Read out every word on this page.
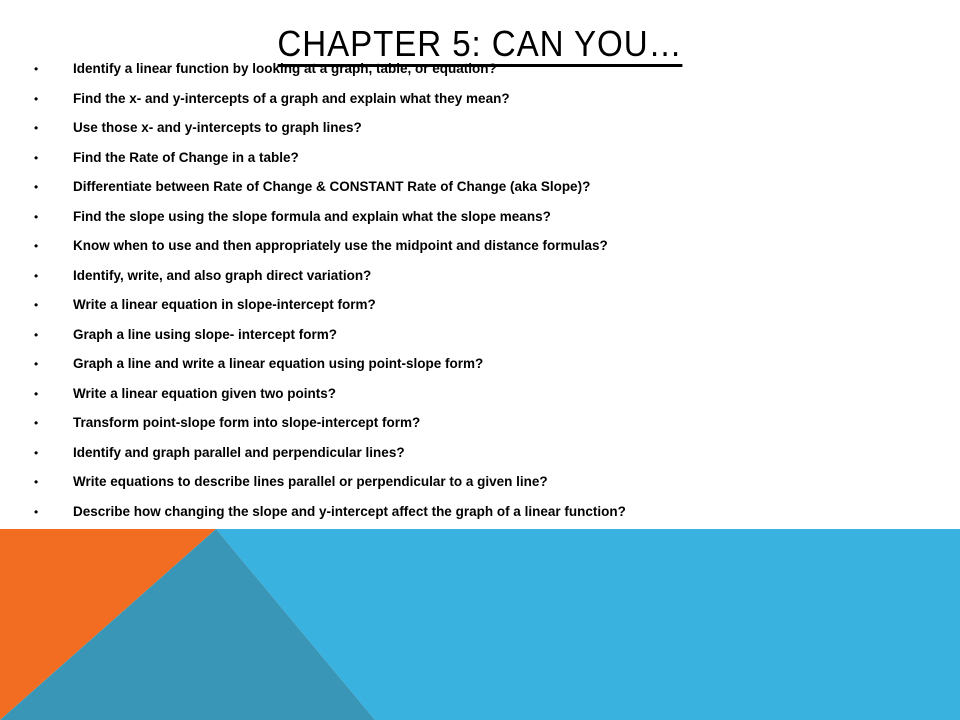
CHAPTER 5: CAN YOU…
•	Identify a linear function by looking at a graph, table, or equation?
•	Find the x- and y-intercepts of a graph and explain what they mean?
•	Use those x- and y-intercepts to graph lines?
•	Find the Rate of Change in a table?
•	Differentiate between Rate of Change & CONSTANT Rate of Change (aka Slope)?
•	Find the slope using the slope formula and explain what the slope means?
•	Know when to use and then appropriately use the midpoint and distance formulas?
•	Identify, write, and also graph direct variation?
•	Write a linear equation in slope-intercept form?
•	Graph a line using slope- intercept form?
•	Graph a line and write a linear equation using point-slope form?
•	Write a linear equation given two points?
•	Transform point-slope form into slope-intercept form?
•	Identify and graph parallel and perpendicular lines?
•	Write equations to describe lines parallel or perpendicular to a given line?
•	Describe how changing the slope and y-intercept affect the graph of a linear function?
